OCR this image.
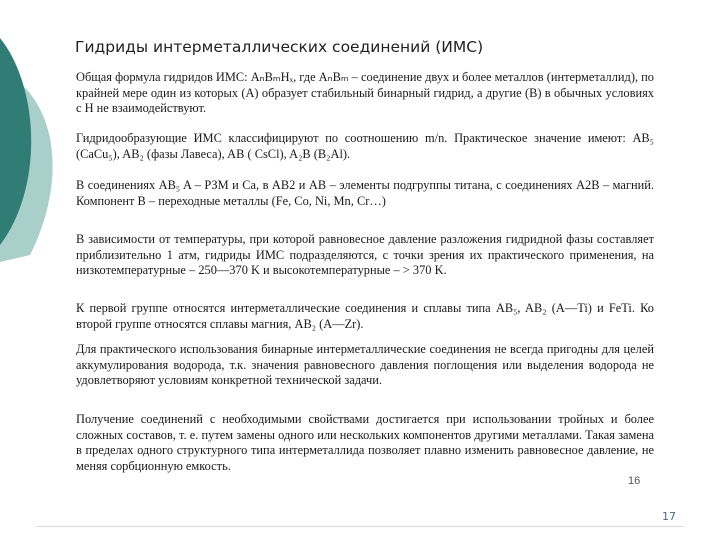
Гидриды интерметаллических соединений (ИМС)

Общая формула гидридов ИМС: AₙBₘHₓ, где AₙBₘ – соединение двух и более металлов (интерметаллид), по крайней мере один из которых (A) образует стабильный бинарный гидрид, а другие (B) в обычных условиях с H не взаимодействуют.

Гидридообразующие ИМС классифицируют по соотношению m/n. Практическое значение имеют: AB₅ (CaCu₅), AB₂ (фазы Лавеса), AB ( CsCl), A₂B (B₂Al).

В соединениях AB₅ A – РЗМ и Ca, в AB2 и AB – элементы подгруппы титана, с соединениях A2B – магний. Компонент B – переходные металлы (Fe, Co, Ni, Mn, Cr…)

В зависимости от температуры, при которой равновесное давление разложения гидридной фазы составляет приблизительно 1 атм, гидриды ИМС подразделяются, с точки зрения их практического применения, на низкотемпературные – 250—370 K и высокотемпературные – > 370 K.

К первой группе относятся интерметаллические соединения и сплавы типа AB₅, AB₂ (A—Ti) и FeTi. Ко второй группе относятся сплавы магния, AB₂ (A—Zr).

Для практического использования бинарные интерметаллические соединения не всегда пригодны для целей аккумулирования водорода, т.к. значения равновесного давления поглощения или выделения водорода не удовлетворяют условиям конкретной технической задачи.

Получение соединений с необходимыми свойствами достигается при использовании тройных и более сложных составов, т. е. путем замены одного или нескольких компонентов другими металлами. Такая замена в пределах одного структурного типа интерметаллида позволяет плавно изменить равновесное давление, не меняя сорбционную емкость.

16
17
